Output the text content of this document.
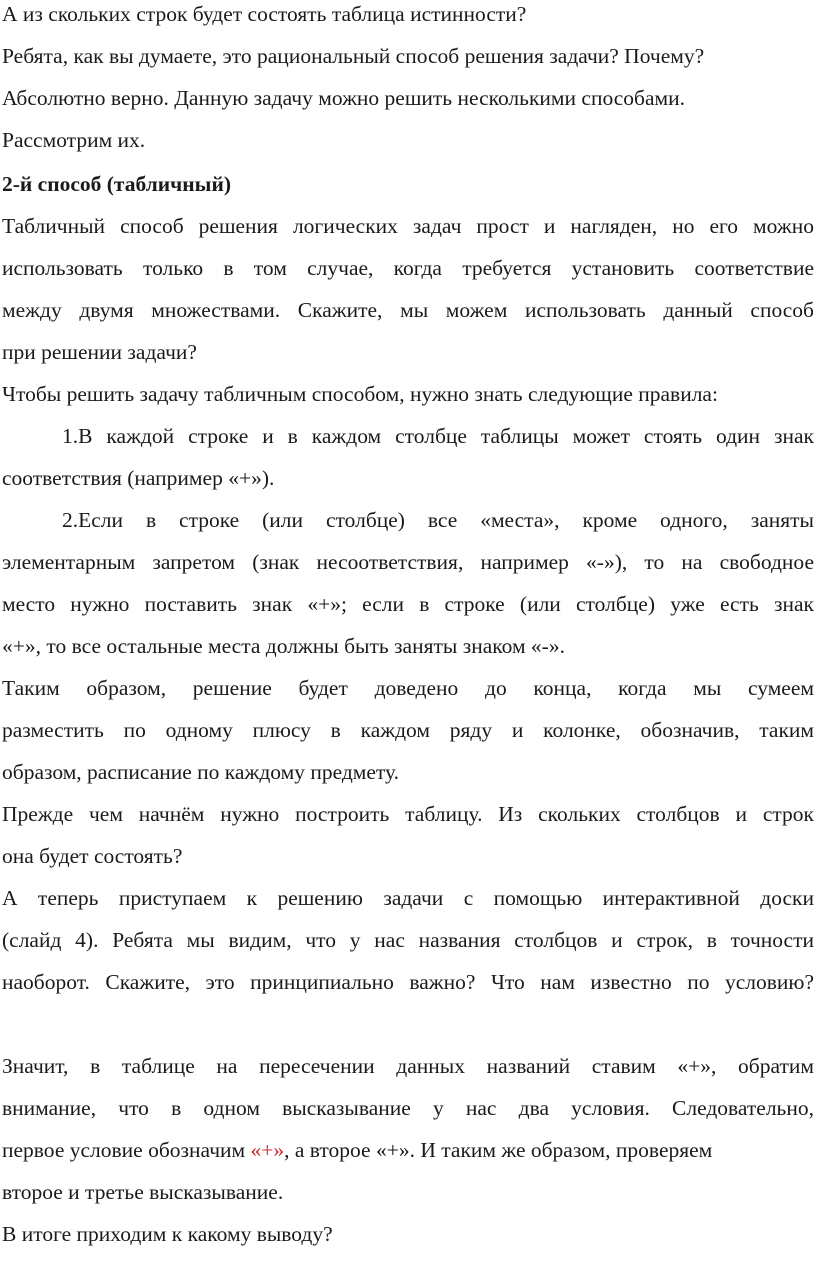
А из скольких строк будет состоять таблица истинности?
Ребята, как вы думаете, это рациональный способ решения задачи? Почему?
Абсолютно верно. Данную задачу можно решить несколькими способами.
Рассмотрим их.
2-й способ (табличный)
Табличный способ решения логических задач прост и нагляден, но его можно
использовать только в том случае, когда требуется установить соответствие
между двумя множествами. Скажите, мы можем использовать данный способ
при решении задачи?
Чтобы решить задачу табличным способом, нужно знать следующие правила:
1.В каждой строке и в каждом столбце таблицы может стоять один знак
соответствия (например «+»).
2.Если в строке (или столбце) все «места», кроме одного, заняты
элементарным запретом (знак несоответствия, например «-»), то на свободное
место нужно поставить знак «+»; если в строке (или столбце) уже есть знак
«+», то все остальные места должны быть заняты знаком «-».
Таким образом, решение будет доведено до конца, когда мы сумеем
разместить по одному плюсу в каждом ряду и колонке, обозначив, таким
образом, расписание по каждому предмету.
Прежде чем начнём нужно построить таблицу. Из скольких столбцов и строк
она будет состоять?
А теперь приступаем к решению задачи с помощью интерактивной доски
(слайд 4). Ребята мы видим, что у нас названия столбцов и строк, в точности
наоборот. Скажите, это принципиально важно? Что нам известно по условию?
Значит, в таблице на пересечении данных названий ставим «+», обратим
внимание, что в одном высказывание у нас два условия. Следовательно,
первое условие обозначим «+», а второе «+». И таким же образом, проверяем
второе и третье высказывание.
В итоге приходим к какому выводу?
